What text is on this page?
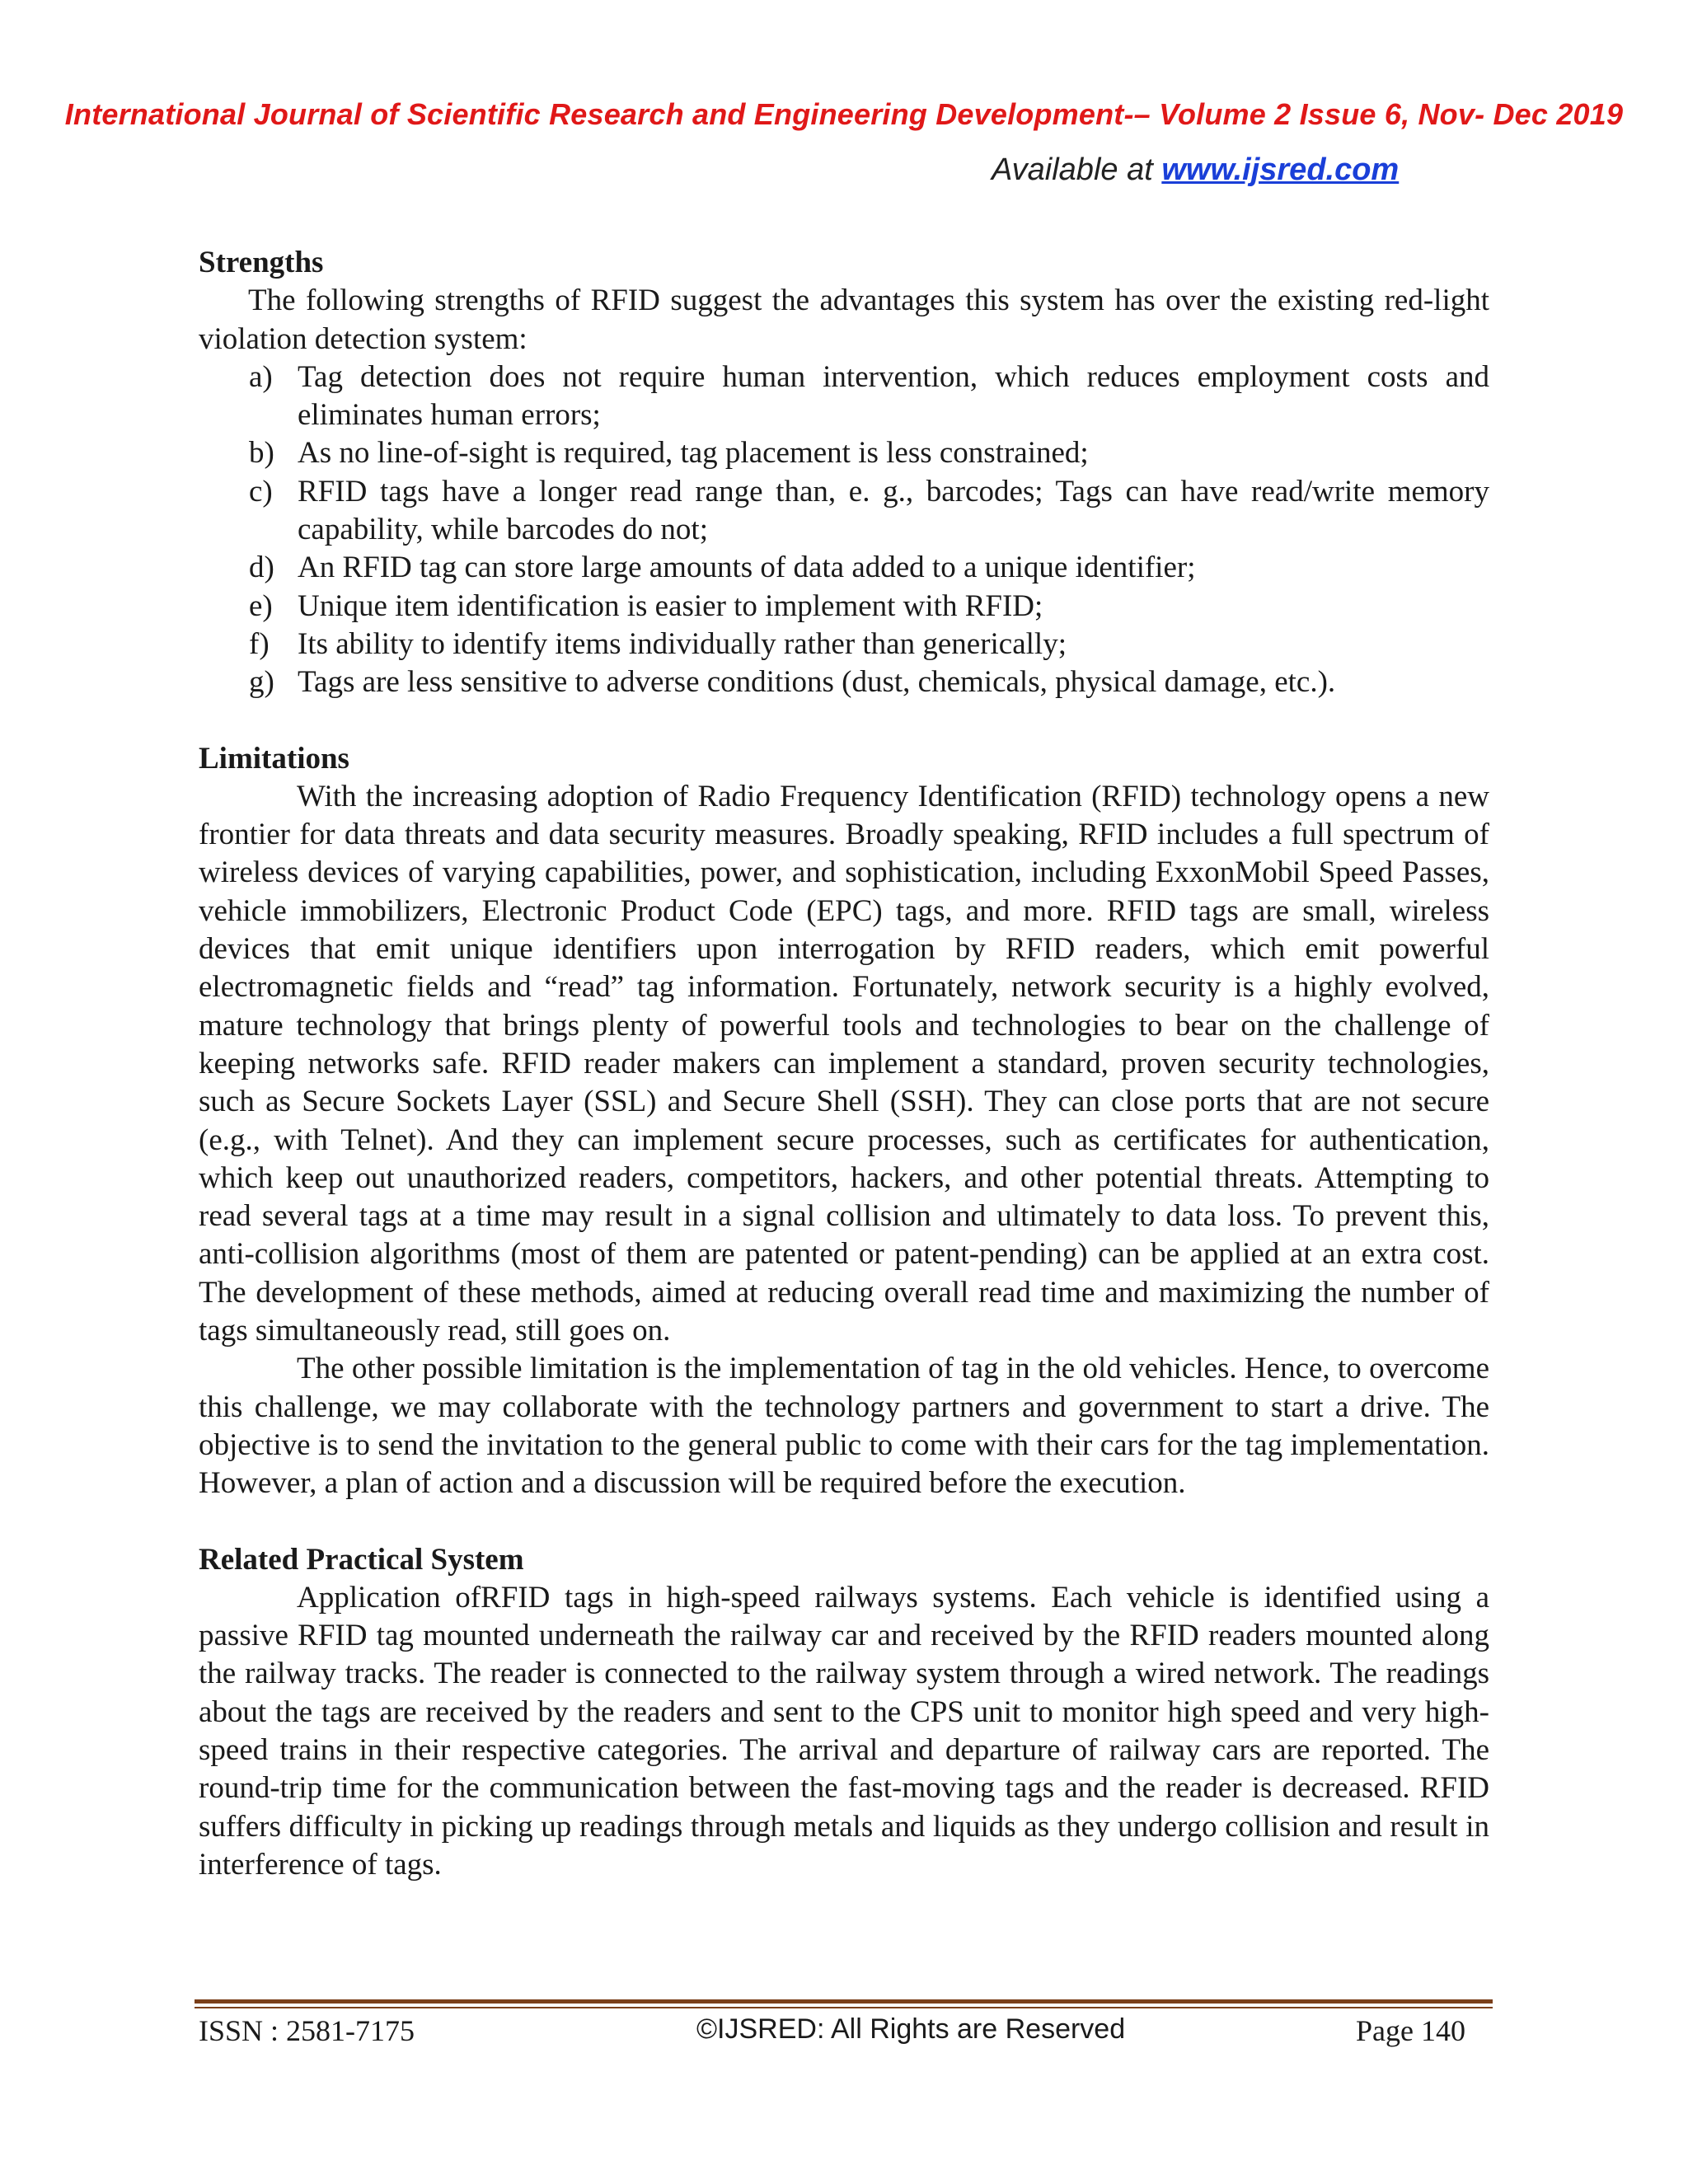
International Journal of Scientific Research and Engineering Development-– Volume 2 Issue 6, Nov- Dec 2019
Available at www.ijsred.com

Strengths

The following strengths of RFID suggest the advantages this system has over the existing red-light violation detection system:

a) Tag detection does not require human intervention, which reduces employment costs and eliminates human errors;
b) As no line-of-sight is required, tag placement is less constrained;
c) RFID tags have a longer read range than, e. g., barcodes; Tags can have read/write memory capability, while barcodes do not;
d) An RFID tag can store large amounts of data added to a unique identifier;
e) Unique item identification is easier to implement with RFID;
f) Its ability to identify items individually rather than generically;
g) Tags are less sensitive to adverse conditions (dust, chemicals, physical damage, etc.).

Limitations

With the increasing adoption of Radio Frequency Identification (RFID) technology opens a new frontier for data threats and data security measures. Broadly speaking, RFID includes a full spectrum of wireless devices of varying capabilities, power, and sophistication, including ExxonMobil Speed Passes, vehicle immobilizers, Electronic Product Code (EPC) tags, and more. RFID tags are small, wireless devices that emit unique identifiers upon interrogation by RFID readers, which emit powerful electromagnetic fields and “read” tag information. Fortunately, network security is a highly evolved, mature technology that brings plenty of powerful tools and technologies to bear on the challenge of keeping networks safe. RFID reader makers can implement a standard, proven security technologies, such as Secure Sockets Layer (SSL) and Secure Shell (SSH). They can close ports that are not secure (e.g., with Telnet). And they can implement secure processes, such as certificates for authentication, which keep out unauthorized readers, competitors, hackers, and other potential threats. Attempting to read several tags at a time may result in a signal collision and ultimately to data loss. To prevent this, anti-collision algorithms (most of them are patented or patent-pending) can be applied at an extra cost. The development of these methods, aimed at reducing overall read time and maximizing the number of tags simultaneously read, still goes on.

The other possible limitation is the implementation of tag in the old vehicles. Hence, to overcome this challenge, we may collaborate with the technology partners and government to start a drive. The objective is to send the invitation to the general public to come with their cars for the tag implementation. However, a plan of action and a discussion will be required before the execution.

Related Practical System

Application ofRFID tags in high-speed railways systems. Each vehicle is identified using a passive RFID tag mounted underneath the railway car and received by the RFID readers mounted along the railway tracks. The reader is connected to the railway system through a wired network. The readings about the tags are received by the readers and sent to the CPS unit to monitor high speed and very high-speed trains in their respective categories. The arrival and departure of railway cars are reported. The round-trip time for the communication between the fast-moving tags and the reader is decreased. RFID suffers difficulty in picking up readings through metals and liquids as they undergo collision and result in interference of tags.

ISSN : 2581-7175	©IJSRED: All Rights are Reserved	Page 140
